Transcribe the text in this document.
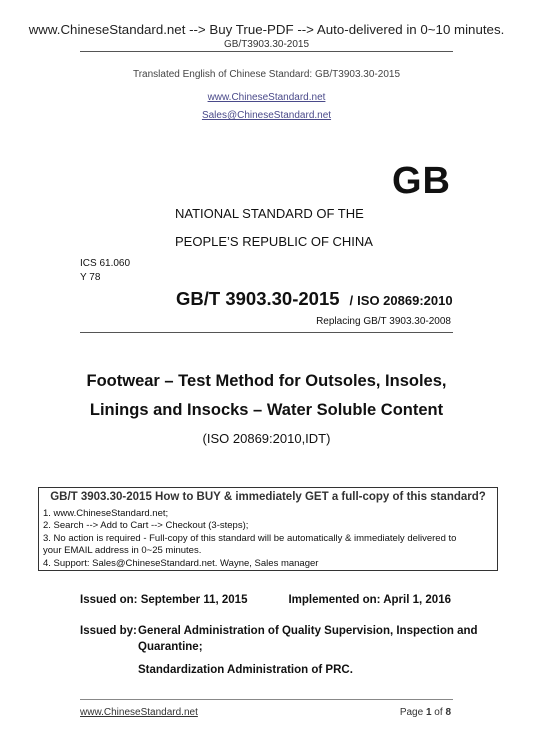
www.ChineseStandard.net --> Buy True-PDF --> Auto-delivered in 0~10 minutes.
GB/T3903.30-2015
Translated English of Chinese Standard: GB/T3903.30-2015
www.ChineseStandard.net
Sales@ChineseStandard.net
GB
NATIONAL STANDARD OF THE
PEOPLE’S REPUBLIC OF CHINA
ICS 61.060
Y 78
GB/T 3903.30-2015 / ISO 20869:2010
Replacing GB/T 3903.30-2008
Footwear – Test Method for Outsoles, Insoles,
Linings and Insocks – Water Soluble Content
(ISO 20869:2010,IDT)
GB/T 3903.30-2015 How to BUY & immediately GET a full-copy of this standard?
1. www.ChineseStandard.net;
2. Search --> Add to Cart --> Checkout (3-steps);
3. No action is required - Full-copy of this standard will be automatically & immediately delivered to
your EMAIL address in 0~25 minutes.
4. Support: Sales@ChineseStandard.net. Wayne, Sales manager
Issued on: September 11, 2015	Implemented on: April 1, 2016
Issued by: General Administration of Quality Supervision, Inspection and
Quarantine;
Standardization Administration of PRC.
www.ChineseStandard.net	Page 1 of 8
